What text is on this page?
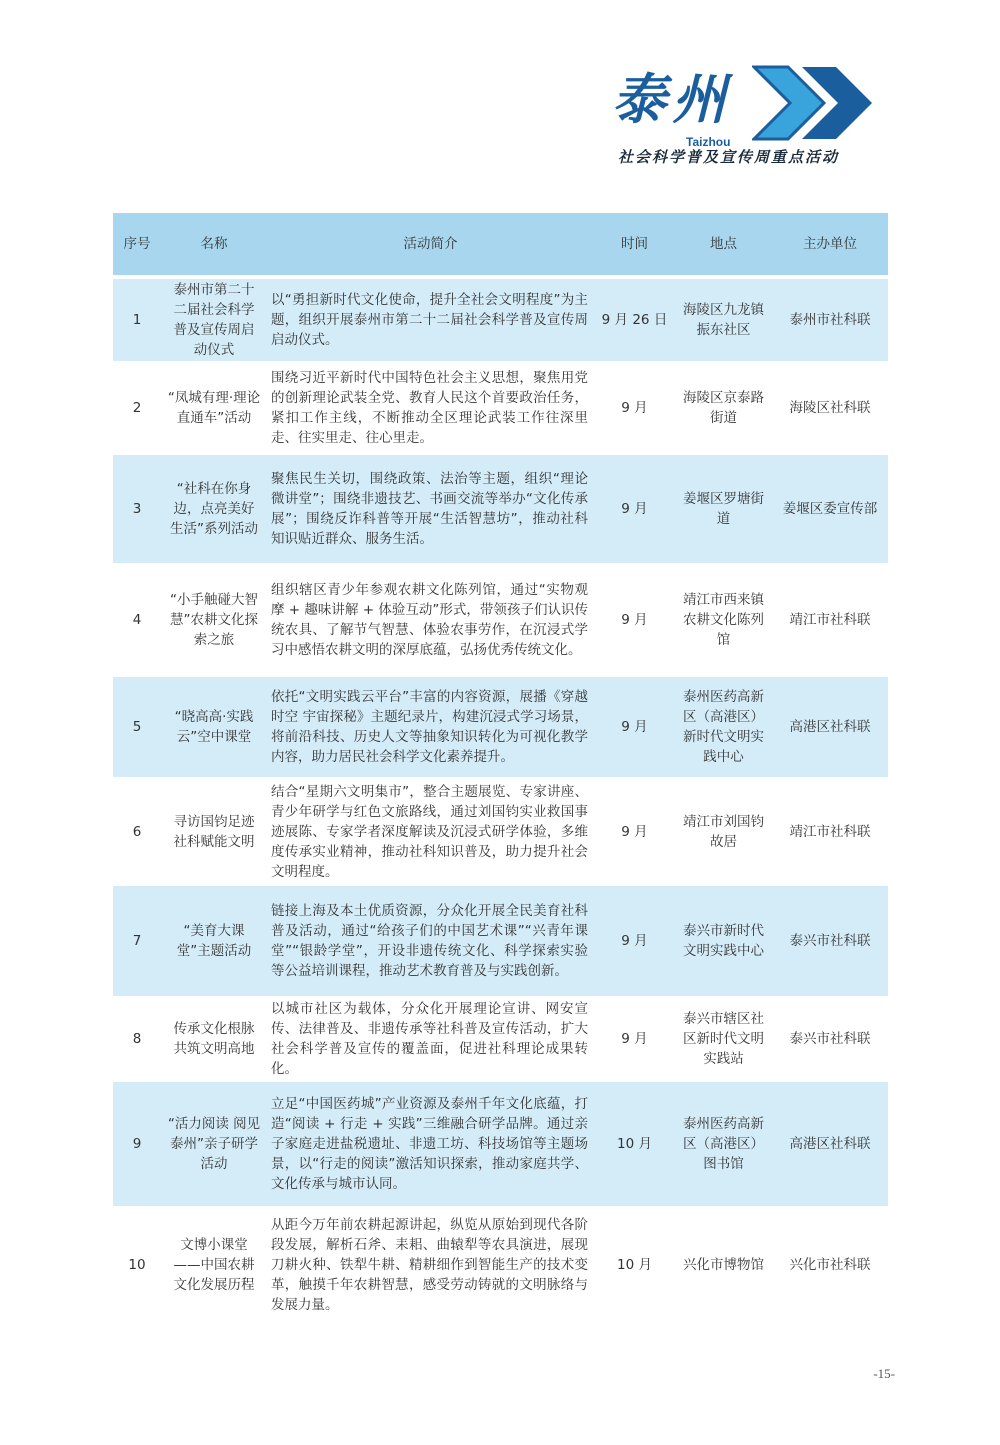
泰州
Taizhou
社会科学普及宣传周重点活动
序号	名称	活动简介	时间	地点	主办单位
1	泰州市第二十二届社会科学普及宣传周启动仪式	以“勇担新时代文化使命，提升全社会文明程度”为主题，组织开展泰州市第二十二届社会科学普及宣传周启动仪式。	9 月 26 日	海陵区九龙镇振东社区	泰州市社科联
2	“凤城有理·理论直通车”活动	围绕习近平新时代中国特色社会主义思想，聚焦用党的创新理论武装全党、教育人民这个首要政治任务，紧扣工作主线，不断推动全区理论武装工作往深里走、往实里走、往心里走。	9 月	海陵区京泰路街道	海陵区社科联
3	“社科在你身边，点亮美好生活”系列活动	聚焦民生关切，围绕政策、法治等主题，组织“理论微讲堂”；围绕非遗技艺、书画交流等举办“文化传承展”；围绕反诈科普等开展“生活智慧坊”，推动社科知识贴近群众、服务生活。	9 月	姜堰区罗塘街道	姜堰区委宣传部
4	“小手触碰大智慧”农耕文化探索之旅	组织辖区青少年参观农耕文化陈列馆，通过“实物观摩 + 趣味讲解 + 体验互动”形式，带领孩子们认识传统农具、了解节气智慧、体验农事劳作，在沉浸式学习中感悟农耕文明的深厚底蕴，弘扬优秀传统文化。	9 月	靖江市西来镇农耕文化陈列馆	靖江市社科联
5	“晓高高·实践云”空中课堂	依托“文明实践云平台”丰富的内容资源，展播《穿越时空 宇宙探秘》主题纪录片，构建沉浸式学习场景，将前沿科技、历史人文等抽象知识转化为可视化教学内容，助力居民社会科学文化素养提升。	9 月	泰州医药高新区（高港区）新时代文明实践中心	高港区社科联
6	寻访国钧足迹 社科赋能文明	结合“星期六文明集市”，整合主题展览、专家讲座、青少年研学与红色文旅路线，通过刘国钧实业救国事迹展陈、专家学者深度解读及沉浸式研学体验，多维度传承实业精神，推动社科知识普及，助力提升社会文明程度。	9 月	靖江市刘国钧故居	靖江市社科联
7	“美育大课堂”主题活动	链接上海及本土优质资源，分众化开展全民美育社科普及活动，通过“给孩子们的中国艺术课”“兴青年课堂”“银龄学堂”，开设非遗传统文化、科学探索实验等公益培训课程，推动艺术教育普及与实践创新。	9 月	泰兴市新时代文明实践中心	泰兴市社科联
8	传承文化根脉 共筑文明高地	以城市社区为载体，分众化开展理论宣讲、网安宣传、法律普及、非遗传承等社科普及宣传活动，扩大社会科学普及宣传的覆盖面，促进社科理论成果转化。	9 月	泰兴市辖区社区新时代文明实践站	泰兴市社科联
9	“活力阅读 阅见泰州”亲子研学活动	立足“中国医药城”产业资源及泰州千年文化底蕴，打造“阅读 + 行走 + 实践”三维融合研学品牌。通过亲子家庭走进盐税遗址、非遗工坊、科技场馆等主题场景，以“行走的阅读”激活知识探索，推动家庭共学、文化传承与城市认同。	10 月	泰州医药高新区（高港区）图书馆	高港区社科联
10	文博小课堂——中国农耕文化发展历程	从距今万年前农耕起源讲起，纵览从原始到现代各阶段发展，解析石斧、耒耜、曲辕犁等农具演进，展现刀耕火种、铁犁牛耕、精耕细作到智能生产的技术变革，触摸千年农耕智慧，感受劳动铸就的文明脉络与发展力量。	10 月	兴化市博物馆	兴化市社科联
-15-
